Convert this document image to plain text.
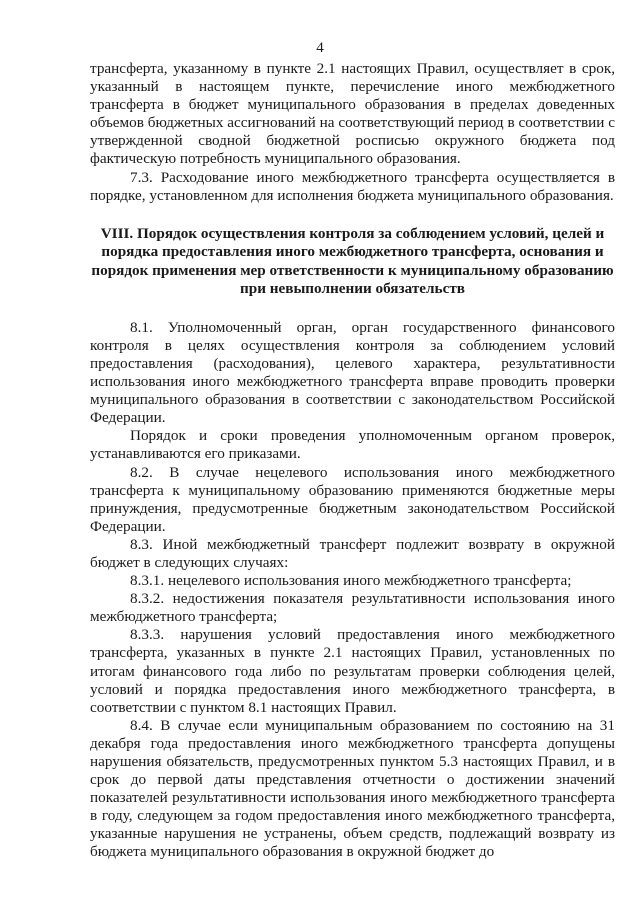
4

трансферта, указанному в пункте 2.1 настоящих Правил, осуществляет в срок, указанный в настоящем пункте, перечисление иного межбюджетного трансферта в бюджет муниципального образования в пределах доведенных объемов бюджетных ассигнований на соответствующий период в соответствии с утвержденной сводной бюджетной росписью окружного бюджета под фактическую потребность муниципального образования.

7.3. Расходование иного межбюджетного трансферта осуществляется в порядке, установленном для исполнения бюджета муниципального образования.

VIII. Порядок осуществления контроля за соблюдением условий, целей и порядка предоставления иного межбюджетного трансферта, основания и порядок применения мер ответственности к муниципальному образованию при невыполнении обязательств

8.1. Уполномоченный орган, орган государственного финансового контроля в целях осуществления контроля за соблюдением условий предоставления (расходования), целевого характера, результативности использования иного межбюджетного трансферта вправе проводить проверки муниципального образования в соответствии с законодательством Российской Федерации.

Порядок и сроки проведения уполномоченным органом проверок, устанавливаются его приказами.

8.2. В случае нецелевого использования иного межбюджетного трансферта к муниципальному образованию применяются бюджетные меры принуждения, предусмотренные бюджетным законодательством Российской Федерации.

8.3. Иной межбюджетный трансферт подлежит возврату в окружной бюджет в следующих случаях:

8.3.1. нецелевого использования иного межбюджетного трансферта;

8.3.2. недостижения показателя результативности использования иного межбюджетного трансферта;

8.3.3. нарушения условий предоставления иного межбюджетного трансферта, указанных в пункте 2.1 настоящих Правил, установленных по итогам финансового года либо по результатам проверки соблюдения целей, условий и порядка предоставления иного межбюджетного трансферта, в соответствии с пунктом 8.1 настоящих Правил.

8.4. В случае если муниципальным образованием по состоянию на 31 декабря года предоставления иного межбюджетного трансферта допущены нарушения обязательств, предусмотренных пунктом 5.3 настоящих Правил, и в срок до первой даты представления отчетности о достижении значений показателей результативности использования иного межбюджетного трансферта в году, следующем за годом предоставления иного межбюджетного трансферта, указанные нарушения не устранены, объем средств, подлежащий возврату из бюджета муниципального образования в окружной бюджет до
